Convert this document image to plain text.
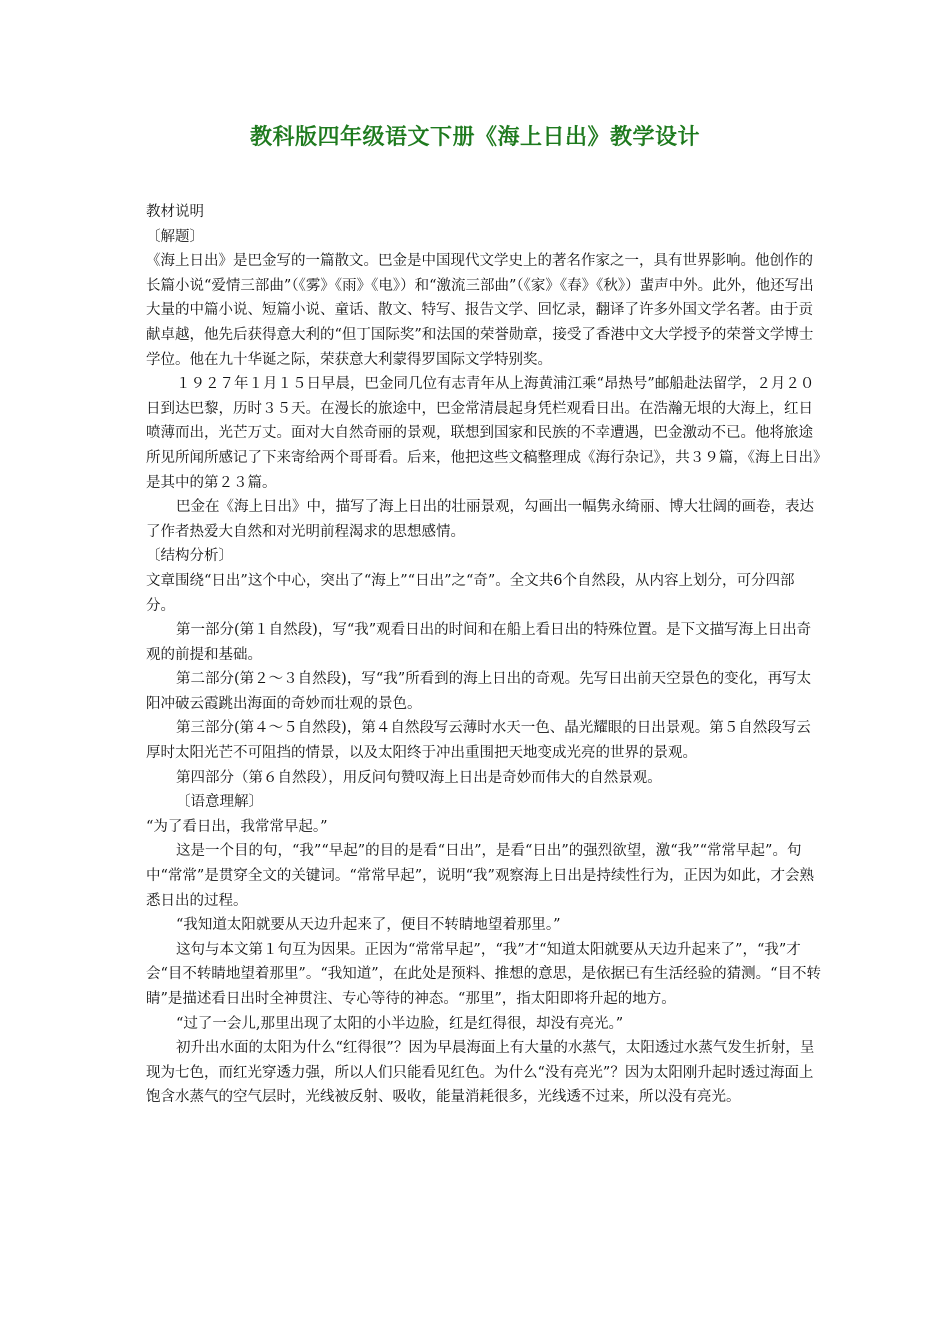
教科版四年级语文下册《海上日出》教学设计

教材说明

〔解题〕

《海上日出》是巴金写的一篇散文。巴金是中国现代文学史上的著名作家之一，具有世界影响。他创作的长篇小说“爱情三部曲”（《雾》《雨》《电》）和“激流三部曲”（《家》《春》《秋》）蜚声中外。此外，他还写出大量的中篇小说、短篇小说、童话、散文、特写、报告文学、回忆录，翻译了许多外国文学名著。由于贡献卓越，他先后获得意大利的“但丁国际奖”和法国的荣誉勋章，接受了香港中文大学授予的荣誉文学博士学位。他在九十华诞之际，荣获意大利蒙得罗国际文学特别奖。

１９２７年１月１５日早晨，巴金同几位有志青年从上海黄浦江乘“昂热号”邮船赴法留学，２月２０日到达巴黎，历时３５天。在漫长的旅途中，巴金常清晨起身凭栏观看日出。在浩瀚无垠的大海上，红日喷薄而出，光芒万丈。面对大自然奇丽的景观，联想到国家和民族的不幸遭遇，巴金激动不已。他将旅途所见所闻所感记了下来寄给两个哥哥看。后来，他把这些文稿整理成《海行杂记》，共３９篇，《海上日出》是其中的第２３篇。

巴金在《海上日出》中，描写了海上日出的壮丽景观，勾画出一幅隽永绮丽、博大壮阔的画卷，表达了作者热爱大自然和对光明前程渴求的思想感情。

〔结构分析〕

文章围绕“日出”这个中心，突出了“海上”“日出”之“奇”。全文共6个自然段，从内容上划分，可分四部分。

第一部分(第１自然段)，写“我”观看日出的时间和在船上看日出的特殊位置。是下文描写海上日出奇观的前提和基础。

第二部分(第２～３自然段)，写“我”所看到的海上日出的奇观。先写日出前天空景色的变化，再写太阳冲破云霞跳出海面的奇妙而壮观的景色。

第三部分(第４～５自然段)，第４自然段写云薄时水天一色、晶光耀眼的日出景观。第５自然段写云厚时太阳光芒不可阻挡的情景，以及太阳终于冲出重围把天地变成光亮的世界的景观。

第四部分（第６自然段），用反问句赞叹海上日出是奇妙而伟大的自然景观。

〔语意理解〕

“为了看日出，我常常早起。”

这是一个目的句，“我”“早起”的目的是看“日出”，是看“日出”的强烈欲望，激“我”“常常早起”。句中“常常”是贯穿全文的关键词。“常常早起”，说明“我”观察海上日出是持续性行为，正因为如此，才会熟悉日出的过程。

“我知道太阳就要从天边升起来了，便目不转睛地望着那里。”

这句与本文第１句互为因果。正因为“常常早起”，“我”才“知道太阳就要从天边升起来了”，“我”才会“目不转睛地望着那里”。“我知道”，在此处是预料、推想的意思，是依据已有生活经验的猜测。“目不转睛”是描述看日出时全神贯注、专心等待的神态。“那里”，指太阳即将升起的地方。

“过了一会儿,那里出现了太阳的小半边脸，红是红得很，却没有亮光。”

初升出水面的太阳为什么“红得很”？因为早晨海面上有大量的水蒸气，太阳透过水蒸气发生折射，呈现为七色，而红光穿透力强，所以人们只能看见红色。为什么“没有亮光”？因为太阳刚升起时透过海面上饱含水蒸气的空气层时，光线被反射、吸收，能量消耗很多，光线透不过来，所以没有亮光。
